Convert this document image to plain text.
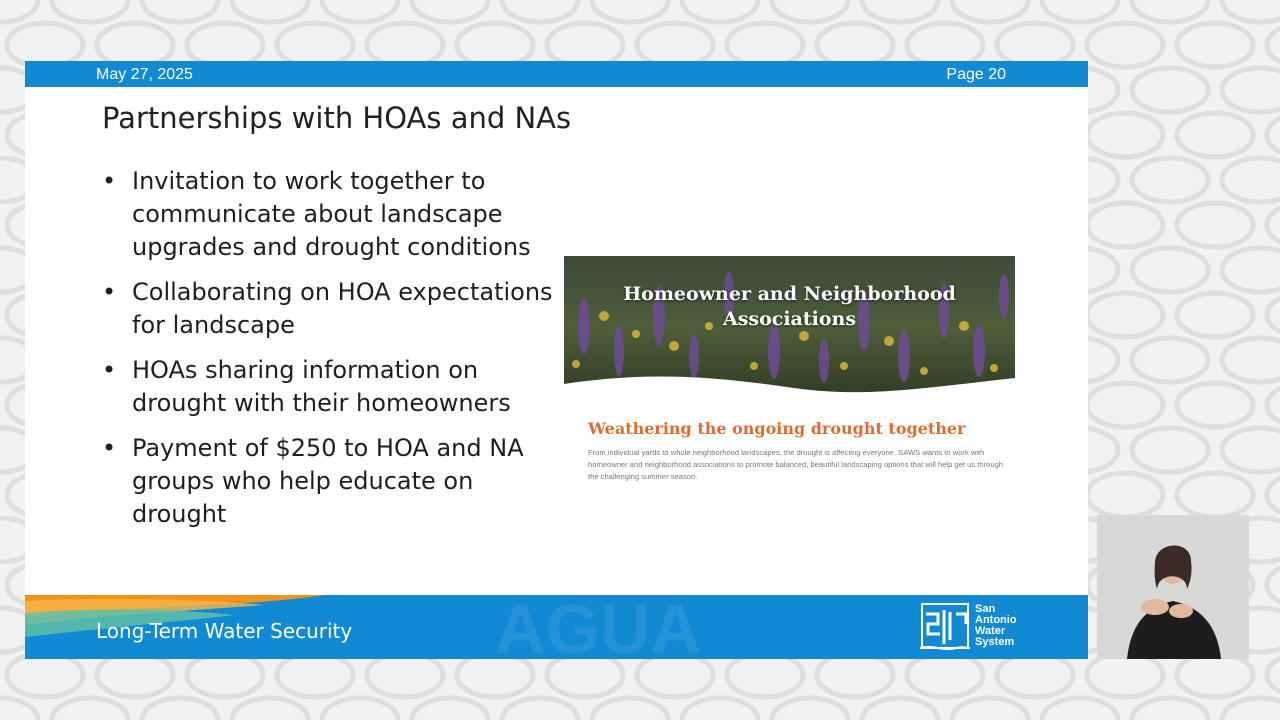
May 27, 2025	Page 20
Partnerships with HOAs and NAs
• Invitation to work together to communicate about landscape upgrades and drought conditions
• Collaborating on HOA expectations for landscape
• HOAs sharing information on drought with their homeowners
• Payment of $250 to HOA and NA groups who help educate on drought
Homeowner and Neighborhood
Associations
Weathering the ongoing drought together
From individual yards to whole neighborhood landscapes, the drought is affecting everyone. SAWS wants to work with homeowner and neighborhood associations to promote balanced, beautiful landscaping options that will help get us through the challenging summer season.
AGUA
Long-Term Water Security
San
Antonio
Water
System
